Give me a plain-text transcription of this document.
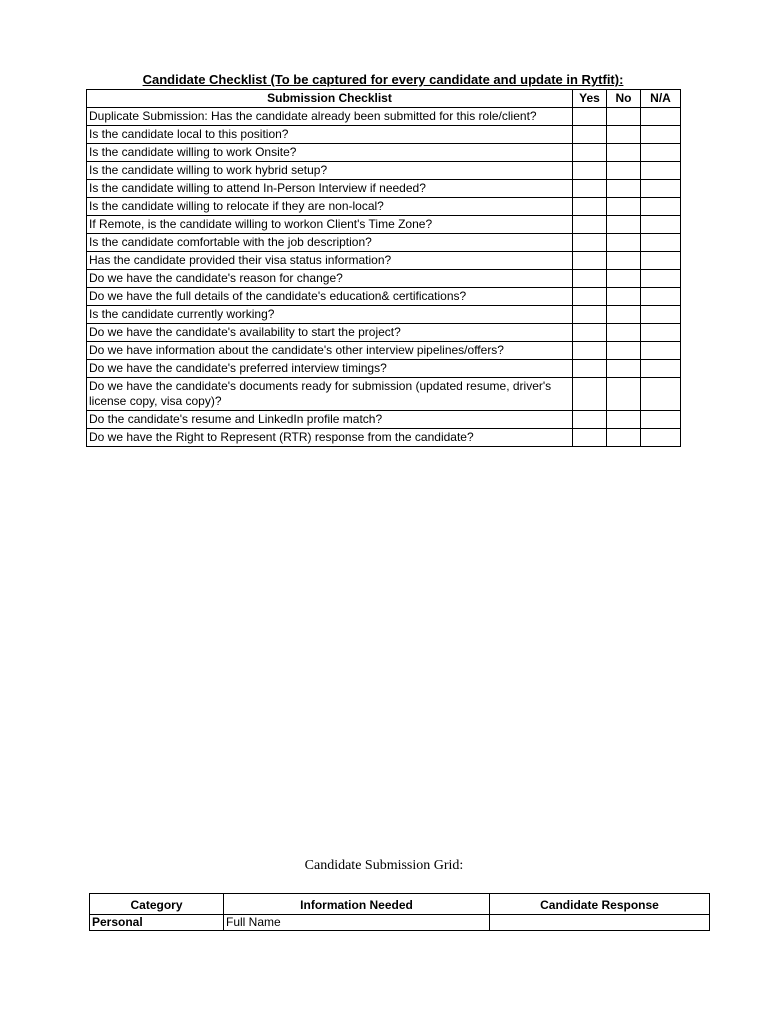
Candidate Checklist (To be captured for every candidate and update in Rytfit):
Submission Checklist	Yes	No	N/A
Duplicate Submission: Has the candidate already been submitted for this role/client?			
Is the candidate local to this position?			
Is the candidate willing to work Onsite?			
Is the candidate willing to work hybrid setup?			
Is the candidate willing to attend In-Person Interview if needed?			
Is the candidate willing to relocate if they are non-local?			
If Remote, is the candidate willing to workon Client's Time Zone?			
Is the candidate comfortable with the job description?			
Has the candidate provided their visa status information?			
Do we have the candidate's reason for change?			
Do we have the full details of the candidate's education& certifications?			
Is the candidate currently working?			
Do we have the candidate's availability to start the project?			
Do we have information about the candidate's other interview pipelines/offers?			
Do we have the candidate's preferred interview timings?			
Do we have the candidate's documents ready for submission (updated resume, driver's license copy, visa copy)?			
Do the candidate's resume and LinkedIn profile match?			
Do we have the Right to Represent (RTR) response from the candidate?			
Candidate Submission Grid:
Category	Information Needed	Candidate Response
Personal	Full Name	
